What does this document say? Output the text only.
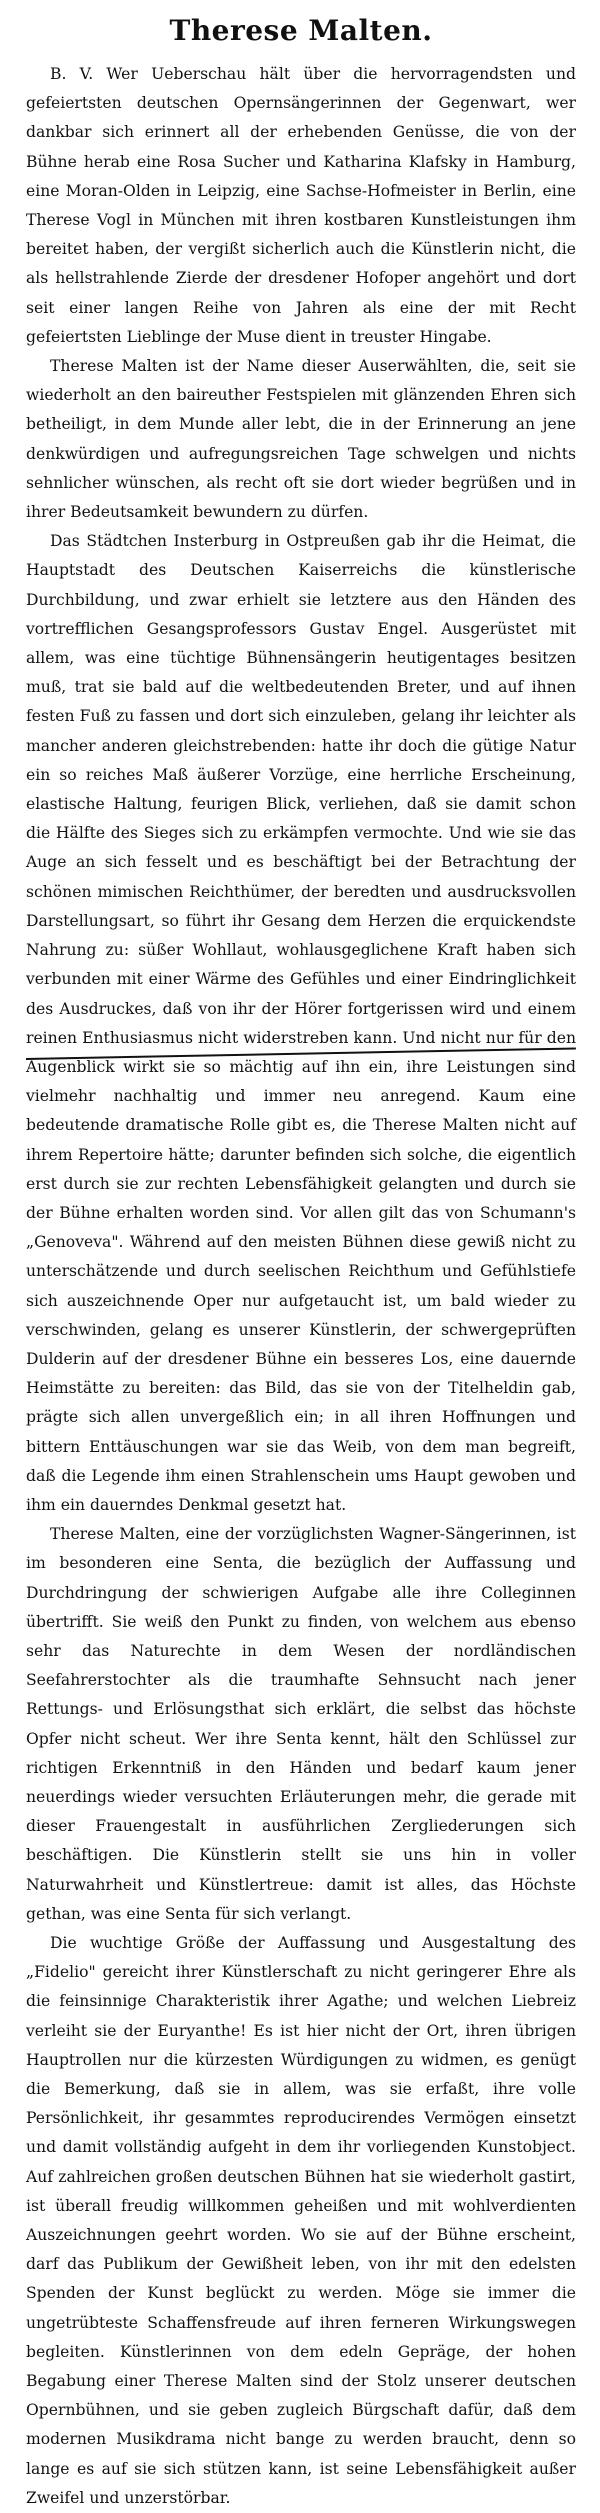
Therese Malten.

B. V. Wer Ueberschau hält über die hervorragendsten und gefeiertsten deutschen Opernsängerinnen der Gegenwart, wer dankbar sich erinnert all der erhebenden Genüsse, die von der Bühne herab eine Rosa Sucher und Katharina Klafsky in Hamburg, eine Moran-Olden in Leipzig, eine Sachse-Hofmeister in Berlin, eine Therese Vogl in München mit ihren kostbaren Kunstleistungen ihm bereitet haben, der vergißt sicherlich auch die Künstlerin nicht, die als hellstrahlende Zierde der dresdener Hofoper angehört und dort seit einer langen Reihe von Jahren als eine der mit Recht gefeiertsten Lieblinge der Muse dient in treuster Hingabe.

Therese Malten ist der Name dieser Auserwählten, die, seit sie wiederholt an den baireuther Festspielen mit glänzenden Ehren sich betheiligt, in dem Munde aller lebt, die in der Erinnerung an jene denkwürdigen und aufregungsreichen Tage schwelgen und nichts sehnlicher wünschen, als recht oft sie dort wieder begrüßen und in ihrer Bedeutsamkeit bewundern zu dürfen.

Das Städtchen Insterburg in Ostpreußen gab ihr die Heimat, die Hauptstadt des Deutschen Kaiserreichs die künstlerische Durchbildung, und zwar erhielt sie letztere aus den Händen des vortrefflichen Gesangsprofessors Gustav Engel. Ausgerüstet mit allem, was eine tüchtige Bühnensängerin heutigentages besitzen muß, trat sie bald auf die weltbedeutenden Breter, und auf ihnen festen Fuß zu fassen und dort sich einzuleben, gelang ihr leichter als mancher anderen gleichstrebenden: hatte ihr doch die gütige Natur ein so reiches Maß äußerer Vorzüge, eine herrliche Erscheinung, elastische Haltung, feurigen Blick, verliehen, daß sie damit schon die Hälfte des Sieges sich zu erkämpfen vermochte. Und wie sie das Auge an sich fesselt und es beschäftigt bei der Betrachtung der schönen mimischen Reichthümer, der beredten und ausdrucksvollen Darstellungsart, so führt ihr Gesang dem Herzen die erquickendste Nahrung zu: süßer Wohllaut, wohlausgeglichene Kraft haben sich verbunden mit einer Wärme des Gefühles und einer Eindringlichkeit des Ausdruckes, daß von ihr der Hörer fortgerissen wird und einem reinen Enthusiasmus nicht widerstreben kann. Und nicht nur für den Augenblick wirkt sie so mächtig auf ihn ein, ihre Leistungen sind vielmehr nachhaltig und immer neu anregend. Kaum eine bedeutende dramatische Rolle gibt es, die Therese Malten nicht auf ihrem Repertoire hätte; darunter befinden sich solche, die eigentlich erst durch sie zur rechten Lebensfähigkeit gelangten und durch sie der Bühne erhalten worden sind. Vor allen gilt das von Schumann's „Genoveva". Während auf den meisten Bühnen diese gewiß nicht zu unterschätzende und durch seelischen Reichthum und Gefühlstiefe sich auszeichnende Oper nur aufgetaucht ist, um bald wieder zu verschwinden, gelang es unserer Künstlerin, der schwergeprüften Dulderin auf der dresdener Bühne ein besseres Los, eine dauernde Heimstätte zu bereiten: das Bild, das sie von der Titelheldin gab, prägte sich allen unvergeßlich ein; in all ihren Hoffnungen und bittern Enttäuschungen war sie das Weib, von dem man begreift, daß die Legende ihm einen Strahlenschein ums Haupt gewoben und ihm ein dauerndes Denkmal gesetzt hat.

Therese Malten, eine der vorzüglichsten Wagner-Sängerinnen, ist im besonderen eine Senta, die bezüglich der Auffassung und Durchdringung der schwierigen Aufgabe alle ihre Colleginnen übertrifft. Sie weiß den Punkt zu finden, von welchem aus ebenso sehr das Naturechte in dem Wesen der nordländischen Seefahrerstochter als die traumhafte Sehnsucht nach jener Rettungs- und Erlösungsthat sich erklärt, die selbst das höchste Opfer nicht scheut. Wer ihre Senta kennt, hält den Schlüssel zur richtigen Erkenntniß in den Händen und bedarf kaum jener neuerdings wieder versuchten Erläuterungen mehr, die gerade mit dieser Frauengestalt in ausführlichen Zergliederungen sich beschäftigen. Die Künstlerin stellt sie uns hin in voller Naturwahrheit und Künstlertreue: damit ist alles, das Höchste gethan, was eine Senta für sich verlangt.

Die wuchtige Größe der Auffassung und Ausgestaltung des „Fidelio" gereicht ihrer Künstlerschaft zu nicht geringerer Ehre als die feinsinnige Charakteristik ihrer Agathe; und welchen Liebreiz verleiht sie der Euryanthe! Es ist hier nicht der Ort, ihren übrigen Hauptrollen nur die kürzesten Würdigungen zu widmen, es genügt die Bemerkung, daß sie in allem, was sie erfaßt, ihre volle Persönlichkeit, ihr gesammtes reproducirendes Vermögen einsetzt und damit vollständig aufgeht in dem ihr vorliegenden Kunstobject. Auf zahlreichen großen deutschen Bühnen hat sie wiederholt gastirt, ist überall freudig willkommen geheißen und mit wohlverdienten Auszeichnungen geehrt worden. Wo sie auf der Bühne erscheint, darf das Publikum der Gewißheit leben, von ihr mit den edelsten Spenden der Kunst beglückt zu werden. Möge sie immer die ungetrübteste Schaffensfreude auf ihren ferneren Wirkungswegen begleiten. Künstlerinnen von dem edeln Gepräge, der hohen Begabung einer Therese Malten sind der Stolz unserer deutschen Opernbühnen, und sie geben zugleich Bürgschaft dafür, daß dem modernen Musikdrama nicht bange zu werden braucht, denn so lange es auf sie sich stützen kann, ist seine Lebensfähigkeit außer Zweifel und unzerstörbar.
